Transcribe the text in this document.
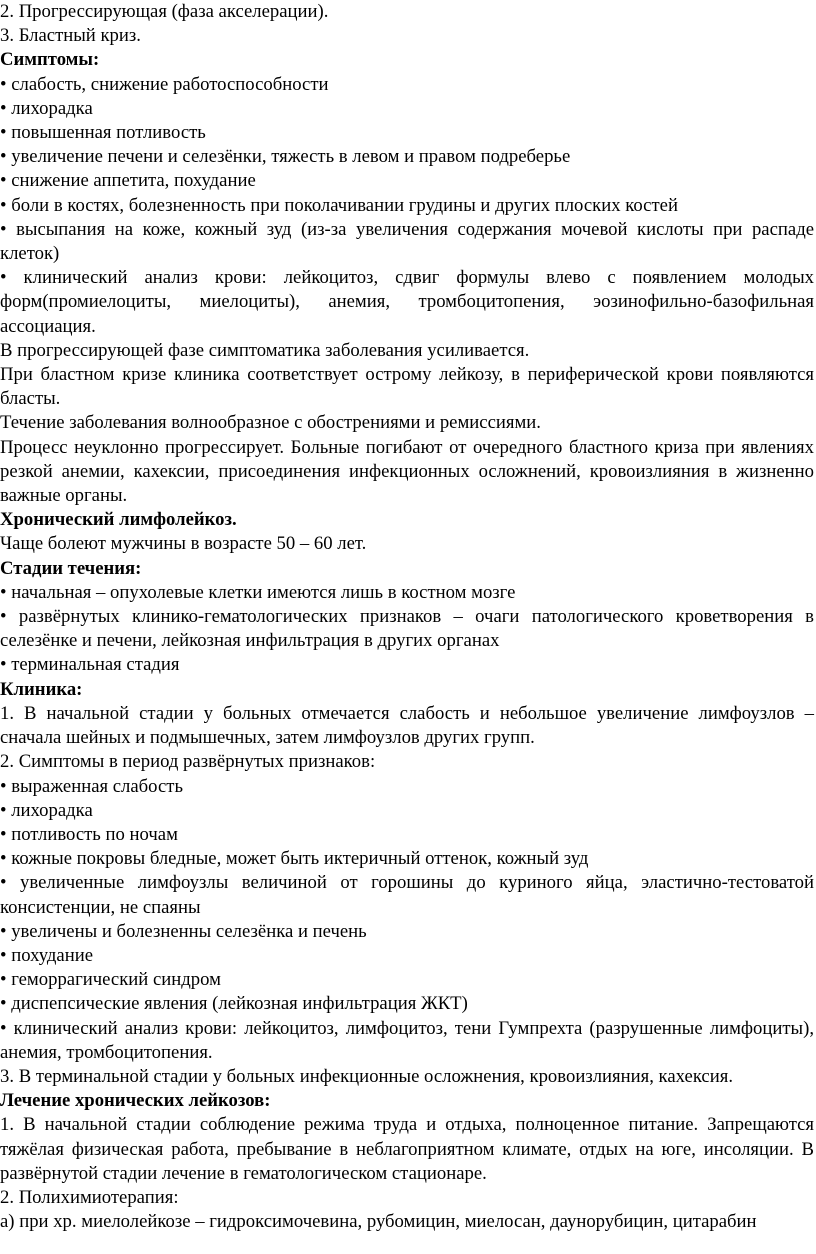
2. Прогрессирующая (фаза акселерации).
3. Бластный криз.
Симптомы:
• слабость, снижение работоспособности
• лихорадка
• повышенная потливость
• увеличение печени и селезёнки, тяжесть в левом и правом подреберье
• снижение аппетита, похудание
• боли в костях, болезненность при поколачивании грудины и других плоских костей
• высыпания на коже, кожный зуд (из-за увеличения содержания мочевой кислоты при распаде клеток)
• клинический анализ крови: лейкоцитоз, сдвиг формулы влево с появлением молодых форм(промиелоциты, миелоциты), анемия, тромбоцитопения, эозинофильно-базофильная ассоциация.
В прогрессирующей фазе симптоматика заболевания усиливается.
При бластном кризе клиника соответствует острому лейкозу, в периферической крови появляются бласты.
Течение заболевания волнообразное с обострениями и ремиссиями.
Процесс неуклонно прогрессирует. Больные погибают от очередного бластного криза при явлениях резкой анемии, кахексии, присоединения инфекционных осложнений, кровоизлияния в жизненно важные органы.
Хронический лимфолейкоз.
Чаще болеют мужчины в возрасте 50 – 60 лет.
Стадии течения:
• начальная – опухолевые клетки имеются лишь в костном мозге
• развёрнутых клинико-гематологических признаков – очаги патологического кроветворения в селезёнке и печени, лейкозная инфильтрация в других органах
• терминальная стадия
Клиника:
1. В начальной стадии у больных отмечается слабость и небольшое увеличение лимфоузлов – сначала шейных и подмышечных, затем лимфоузлов других групп.
2. Симптомы в период развёрнутых признаков:
• выраженная слабость
• лихорадка
• потливость по ночам
• кожные покровы бледные, может быть иктеричный оттенок, кожный зуд
• увеличенные лимфоузлы величиной от горошины до куриного яйца, эластично-тестоватой консистенции, не спаяны
• увеличены и болезненны селезёнка и печень
• похудание
• геморрагический синдром
• диспепсические явления (лейкозная инфильтрация ЖКТ)
• клинический анализ крови: лейкоцитоз, лимфоцитоз, тени Гумпрехта (разрушенные лимфоциты), анемия, тромбоцитопения.
3. В терминальной стадии у больных инфекционные осложнения, кровоизлияния, кахексия.
Лечение хронических лейкозов:
1. В начальной стадии соблюдение режима труда и отдыха, полноценное питание. Запрещаются тяжёлая физическая работа, пребывание в неблагоприятном климате, отдых на юге, инсоляции. В развёрнутой стадии лечение в гематологическом стационаре.
2. Полихимиотерапия:
а) при хр. миелолейкозе – гидроксимочевина, рубомицин, миелосан, даунорубицин, цитарабин
